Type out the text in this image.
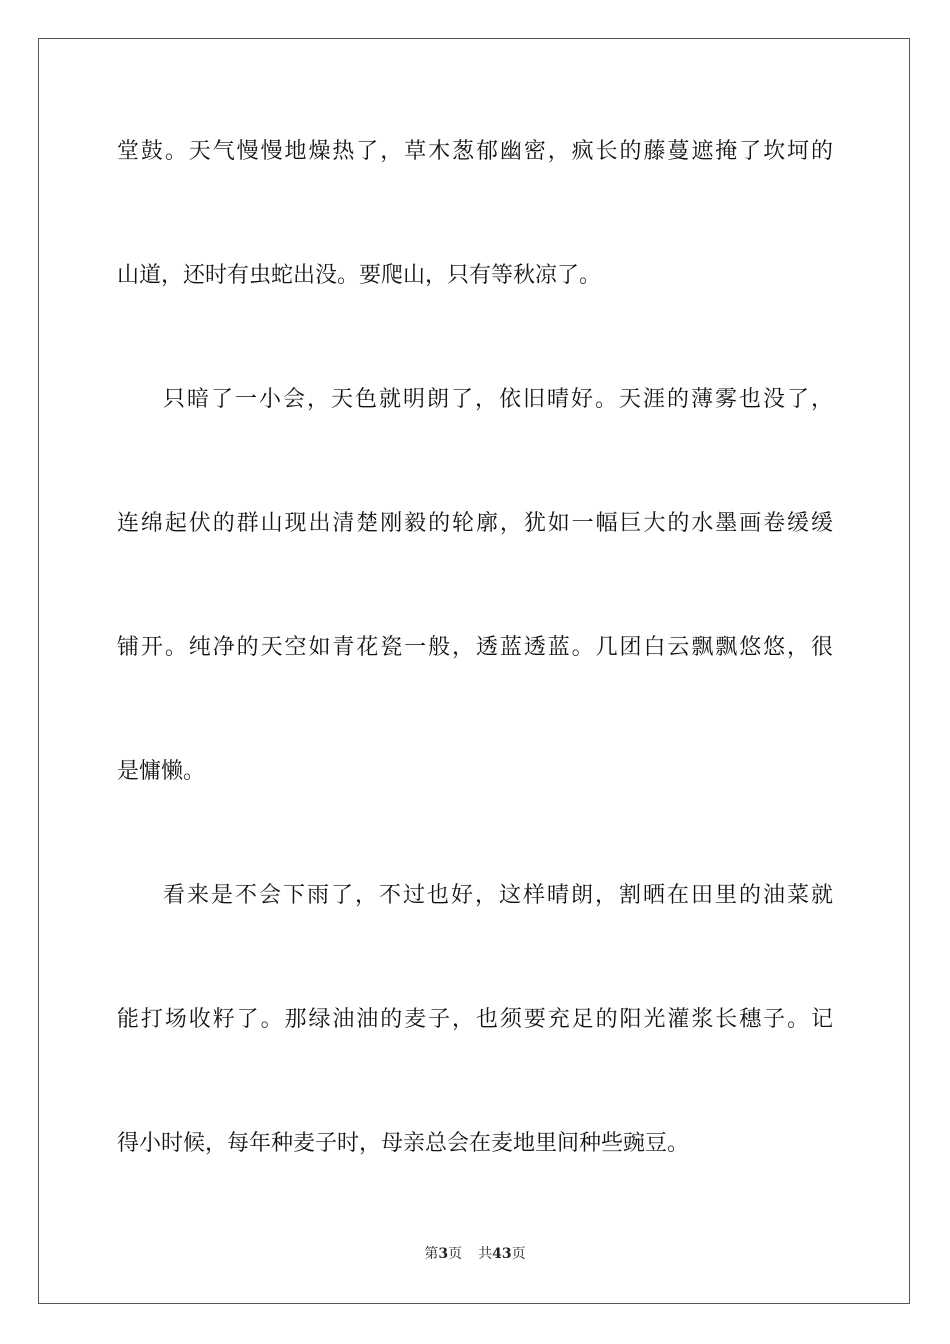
堂鼓。天气慢慢地燥热了，草木葱郁幽密，疯长的藤蔓遮掩了坎坷的
山道，还时有虫蛇出没。要爬山，只有等秋凉了。
只暗了一小会，天色就明朗了，依旧晴好。天涯的薄雾也没了，
连绵起伏的群山现出清楚刚毅的轮廓，犹如一幅巨大的水墨画卷缓缓
铺开。纯净的天空如青花瓷一般，透蓝透蓝。几团白云飘飘悠悠，很
是慵懒。
看来是不会下雨了，不过也好，这样晴朗，割晒在田里的油菜就
能打场收籽了。那绿油油的麦子，也须要充足的阳光灌浆长穗子。记
得小时候，每年种麦子时，母亲总会在麦地里间种些豌豆。
第3页 共43页
